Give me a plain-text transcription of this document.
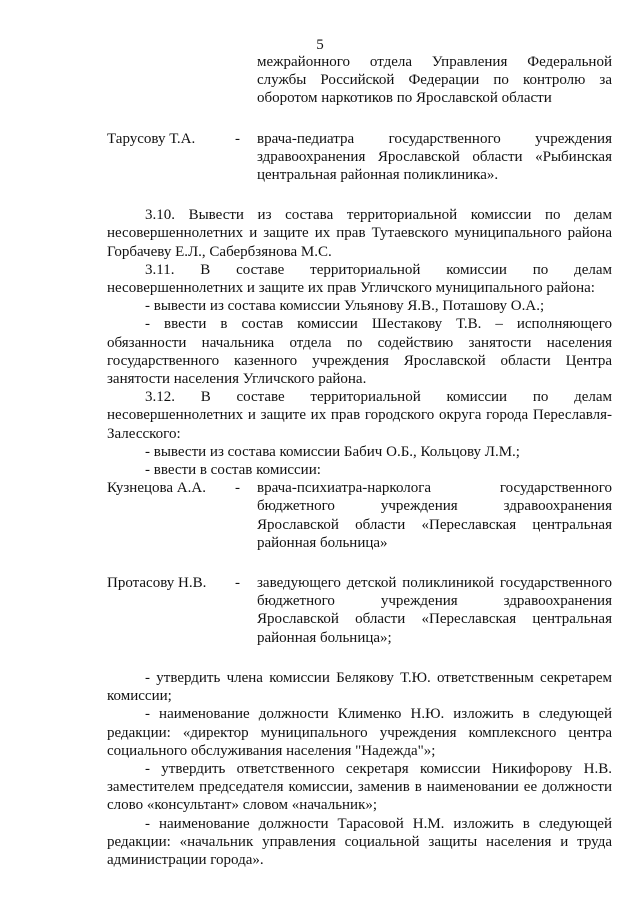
5

межрайонного отдела Управления Федеральной службы Российской Федерации по контролю за оборотом наркотиков по Ярославской области

Тарусову Т.А.	-	врача-педиатра государственного учреждения здравоохранения Ярославской области «Рыбинская центральная районная поликлиника».

3.10. Вывести из состава территориальной комиссии по делам несовершеннолетних и защите их прав Тутаевского муниципального района Горбачеву Е.Л., Сабербзянова М.С.

3.11. В составе территориальной комиссии по делам несовершеннолетних и защите их прав Угличского муниципального района:

- вывести из состава комиссии Ульянову Я.В., Поташову О.А.;

- ввести в состав комиссии Шестакову Т.В. – исполняющего обязанности начальника отдела по содействию занятости населения государственного казенного учреждения Ярославской области Центра занятости населения Угличского района.

3.12. В составе территориальной комиссии по делам несовершеннолетних и защите их прав городского округа города Переславля-Залесского:

- вывести из состава комиссии Бабич О.Б., Кольцову Л.М.;

- ввести в состав комиссии:

Кузнецова А.А.	-	врача-психиатра-нарколога государственного бюджетного учреждения здравоохранения Ярославской области «Переславская центральная районная больница»
Протасову Н.В.	-	заведующего детской поликлиникой государственного бюджетного учреждения здравоохранения Ярославской области «Переславская центральная районная больница»;

- утвердить члена комиссии Белякову Т.Ю. ответственным секретарем комиссии;

- наименование должности Клименко Н.Ю. изложить в следующей редакции: «директор муниципального учреждения комплексного центра социального обслуживания населения "Надежда"»;

- утвердить ответственного секретаря комиссии Никифорову Н.В. заместителем председателя комиссии, заменив в наименовании ее должности слово «консультант» словом «начальник»;

- наименование должности Тарасовой Н.М. изложить в следующей редакции: «начальник управления социальной защиты населения и труда администрации города».
